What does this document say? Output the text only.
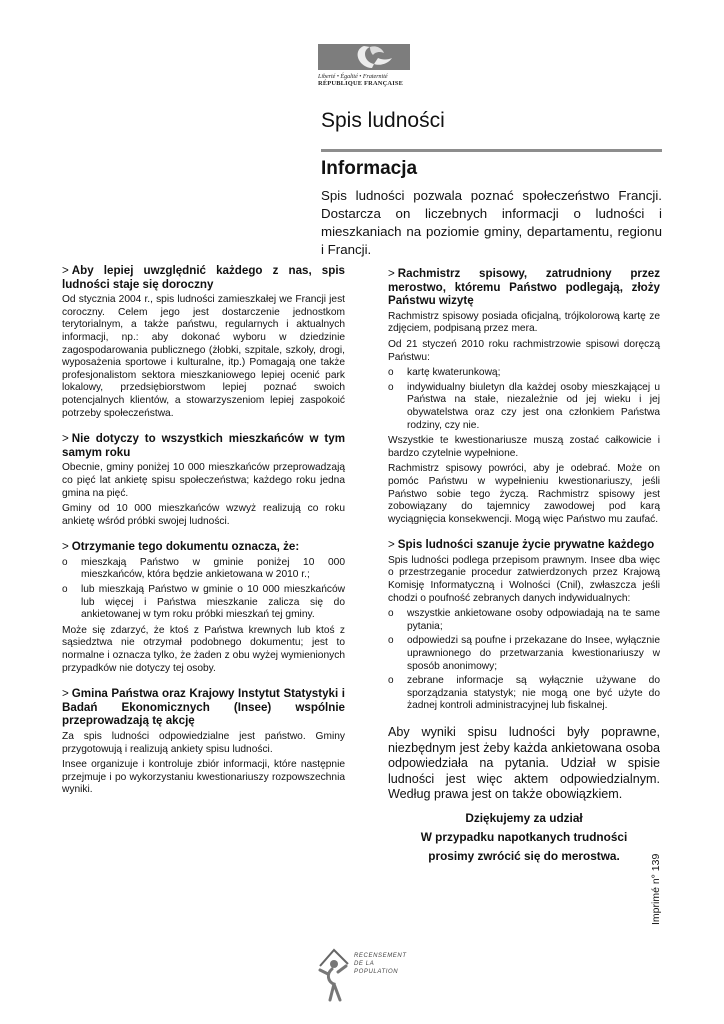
Liberté • Égalité • Fraternité
RÉPUBLIQUE FRANÇAISE
Spis ludności
Informacja
Spis ludności pozwala poznać społeczeństwo Francji. Dostarcza on liczebnych informacji o ludności i mieszkaniach na poziomie gminy, departamentu, regionu i Francji.
> Aby lepiej uwzględnić każdego z nas, spis ludności staje się doroczny

Od stycznia 2004 r., spis ludności zamieszkałej we Francji jest coroczny. Celem jego jest dostarczenie jednostkom terytorialnym, a także państwu, regularnych i aktualnych informacji, np.: aby dokonać wyboru w dziedzinie zagospodarowania publicznego (żłobki, szpitale, szkoły, drogi, wyposażenia sportowe i kulturalne, itp.) Pomagają one także profesjonalistom sektora mieszkaniowego lepiej ocenić park lokalowy, przedsiębiorstwom lepiej poznać swoich potencjalnych klientów, a stowarzyszeniom lepiej zaspokoić potrzeby społeczeństwa.

> Nie dotyczy to wszystkich mieszkańców w tym samym roku

Obecnie, gminy poniżej 10 000 mieszkańców przeprowadzają co pięć lat ankietę spisu społeczeństwa; każdego roku jedna gmina na pięć.

Gminy od 10 000 mieszkańców wzwyż realizują co roku ankietę wśród próbki swojej ludności.

> Otrzymanie tego dokumentu oznacza, że:
o mieszkają Państwo w gminie poniżej 10 000 mieszkańców, która będzie ankietowana w 2010 r.;
o lub mieszkają Państwo w gminie o 10 000 mieszkańców lub więcej i Państwa mieszkanie zalicza się do ankietowanej w tym roku próbki mieszkań tej gminy.

Może się zdarzyć, że ktoś z Państwa krewnych lub ktoś z sąsiedztwa nie otrzymał podobnego dokumentu; jest to normalne i oznacza tylko, że żaden z obu wyżej wymienionych przypadków nie dotyczy tej osoby.

> Gmina Państwa oraz Krajowy Instytut Statystyki i Badań Ekonomicznych (Insee) wspólnie przeprowadzają tę akcję

Za spis ludności odpowiedzialne jest państwo. Gminy przygotowują i realizują ankiety spisu ludności.

Insee organizuje i kontroluje zbiór informacji, które następnie przejmuje i po wykorzystaniu kwestionariuszy rozpowszechnia wyniki.

> Rachmistrz spisowy, zatrudniony przez merostwo, któremu Państwo podlegają, złoży Państwu wizytę

Rachmistrz spisowy posiada oficjalną, trójkolorową kartę ze zdjęciem, podpisaną przez mera.

Od 21 styczeń 2010 roku rachmistrzowie spisowi doręczą Państwu:

o kartę kwaterunkową;
o indywidualny biuletyn dla każdej osoby mieszkającej u Państwa na stałe, niezależnie od jej wieku i jej obywatelstwa oraz czy jest ona członkiem Państwa rodziny, czy nie.

Wszystkie te kwestionariusze muszą zostać całkowicie i bardzo czytelnie wypełnione.

Rachmistrz spisowy powróci, aby je odebrać. Może on pomóc Państwu w wypełnieniu kwestionariuszy, jeśli Państwo sobie tego życzą. Rachmistrz spisowy jest zobowiązany do tajemnicy zawodowej pod karą wyciągnięcia konsekwencji. Mogą więc Państwo mu zaufać.

> Spis ludności szanuje życie prywatne każdego

Spis ludności podlega przepisom prawnym. Insee dba więc o przestrzeganie procedur zatwierdzonych przez Krajową Komisję Informatyczną i Wolności (Cnil), zwłaszcza jeśli chodzi o poufność zebranych danych indywidualnych:

o wszystkie ankietowane osoby odpowiadają na te same pytania;
o odpowiedzi są poufne i przekazane do Insee, wyłącznie uprawnionego do przetwarzania kwestionariuszy w sposób anonimowy;
o zebrane informacje są wyłącznie używane do sporządzania statystyk; nie mogą one być użyte do żadnej kontroli administracyjnej lub fiskalnej.

Aby wyniki spisu ludności były poprawne, niezbędnym jest żeby każda ankietowana osoba odpowiedziała na pytania. Udział w spisie ludności jest więc aktem odpowiedzialnym. Według prawa jest on także obowiązkiem.

Dziękujemy za udział
W przypadku napotkanych trudności
prosimy zwrócić się do merostwa.	Imprimé n° 139
RECENSEMENT DE LA POPULATION
